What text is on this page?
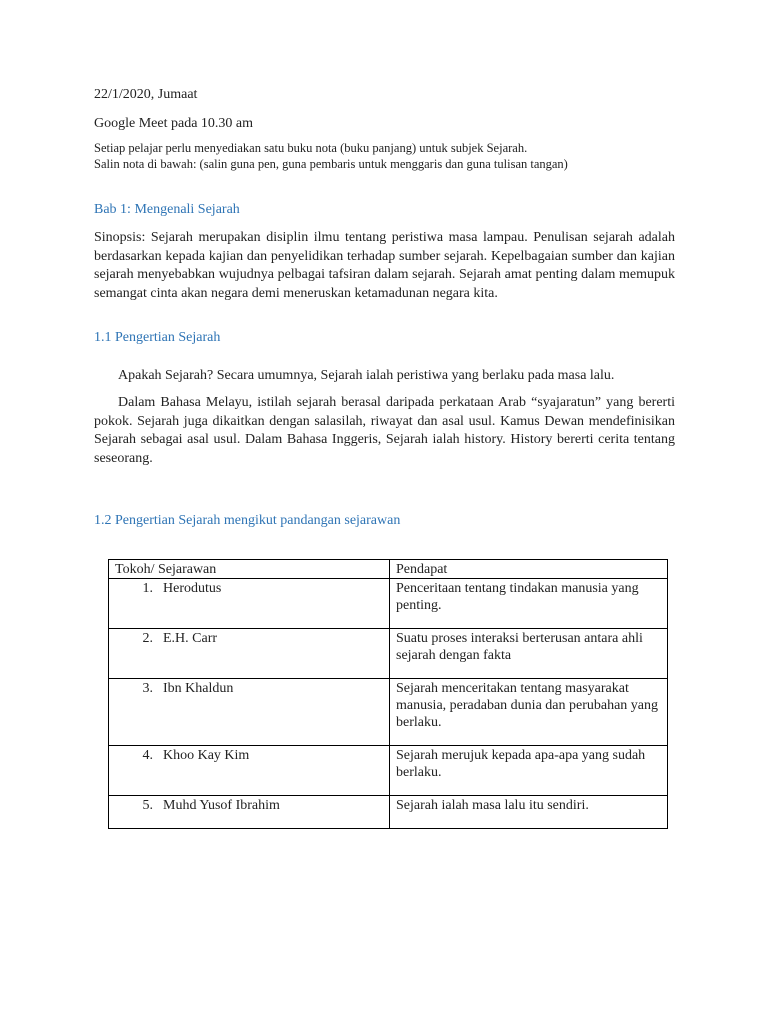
22/1/2020, Jumaat
Google Meet pada 10.30 am
Setiap pelajar perlu menyediakan satu buku nota (buku panjang) untuk subjek Sejarah.
Salin nota di bawah: (salin guna pen, guna pembaris untuk menggaris dan guna tulisan tangan)
Bab 1: Mengenali Sejarah

Sinopsis: Sejarah merupakan disiplin ilmu tentang peristiwa masa lampau. Penulisan sejarah adalah berdasarkan kepada kajian dan penyelidikan terhadap sumber sejarah. Kepelbagaian sumber dan kajian sejarah menyebabkan wujudnya pelbagai tafsiran dalam sejarah. Sejarah amat penting dalam memupuk semangat cinta akan negara demi meneruskan ketamadunan negara kita.

1.1 Pengertian Sejarah

Apakah Sejarah? Secara umumnya, Sejarah ialah peristiwa yang berlaku pada masa lalu.

Dalam Bahasa Melayu, istilah sejarah berasal daripada perkataan Arab “syajaratun” yang bererti pokok. Sejarah juga dikaitkan dengan salasilah, riwayat dan asal usul. Kamus Dewan mendefinisikan Sejarah sebagai asal usul. Dalam Bahasa Inggeris, Sejarah ialah history. History bererti cerita tentang seseorang.

1.2 Pengertian Sejarah mengikut pandangan sejarawan
Tokoh/ Sejarawan	Pendapat
1. Herodutus	Penceritaan tentang tindakan manusia yang penting.
2. E.H. Carr	Suatu proses interaksi berterusan antara ahli sejarah dengan fakta
3. Ibn Khaldun	Sejarah menceritakan tentang masyarakat manusia, peradaban dunia dan perubahan yang berlaku.
4. Khoo Kay Kim	Sejarah merujuk kepada apa-apa yang sudah berlaku.
5. Muhd Yusof Ibrahim	Sejarah ialah masa lalu itu sendiri.
